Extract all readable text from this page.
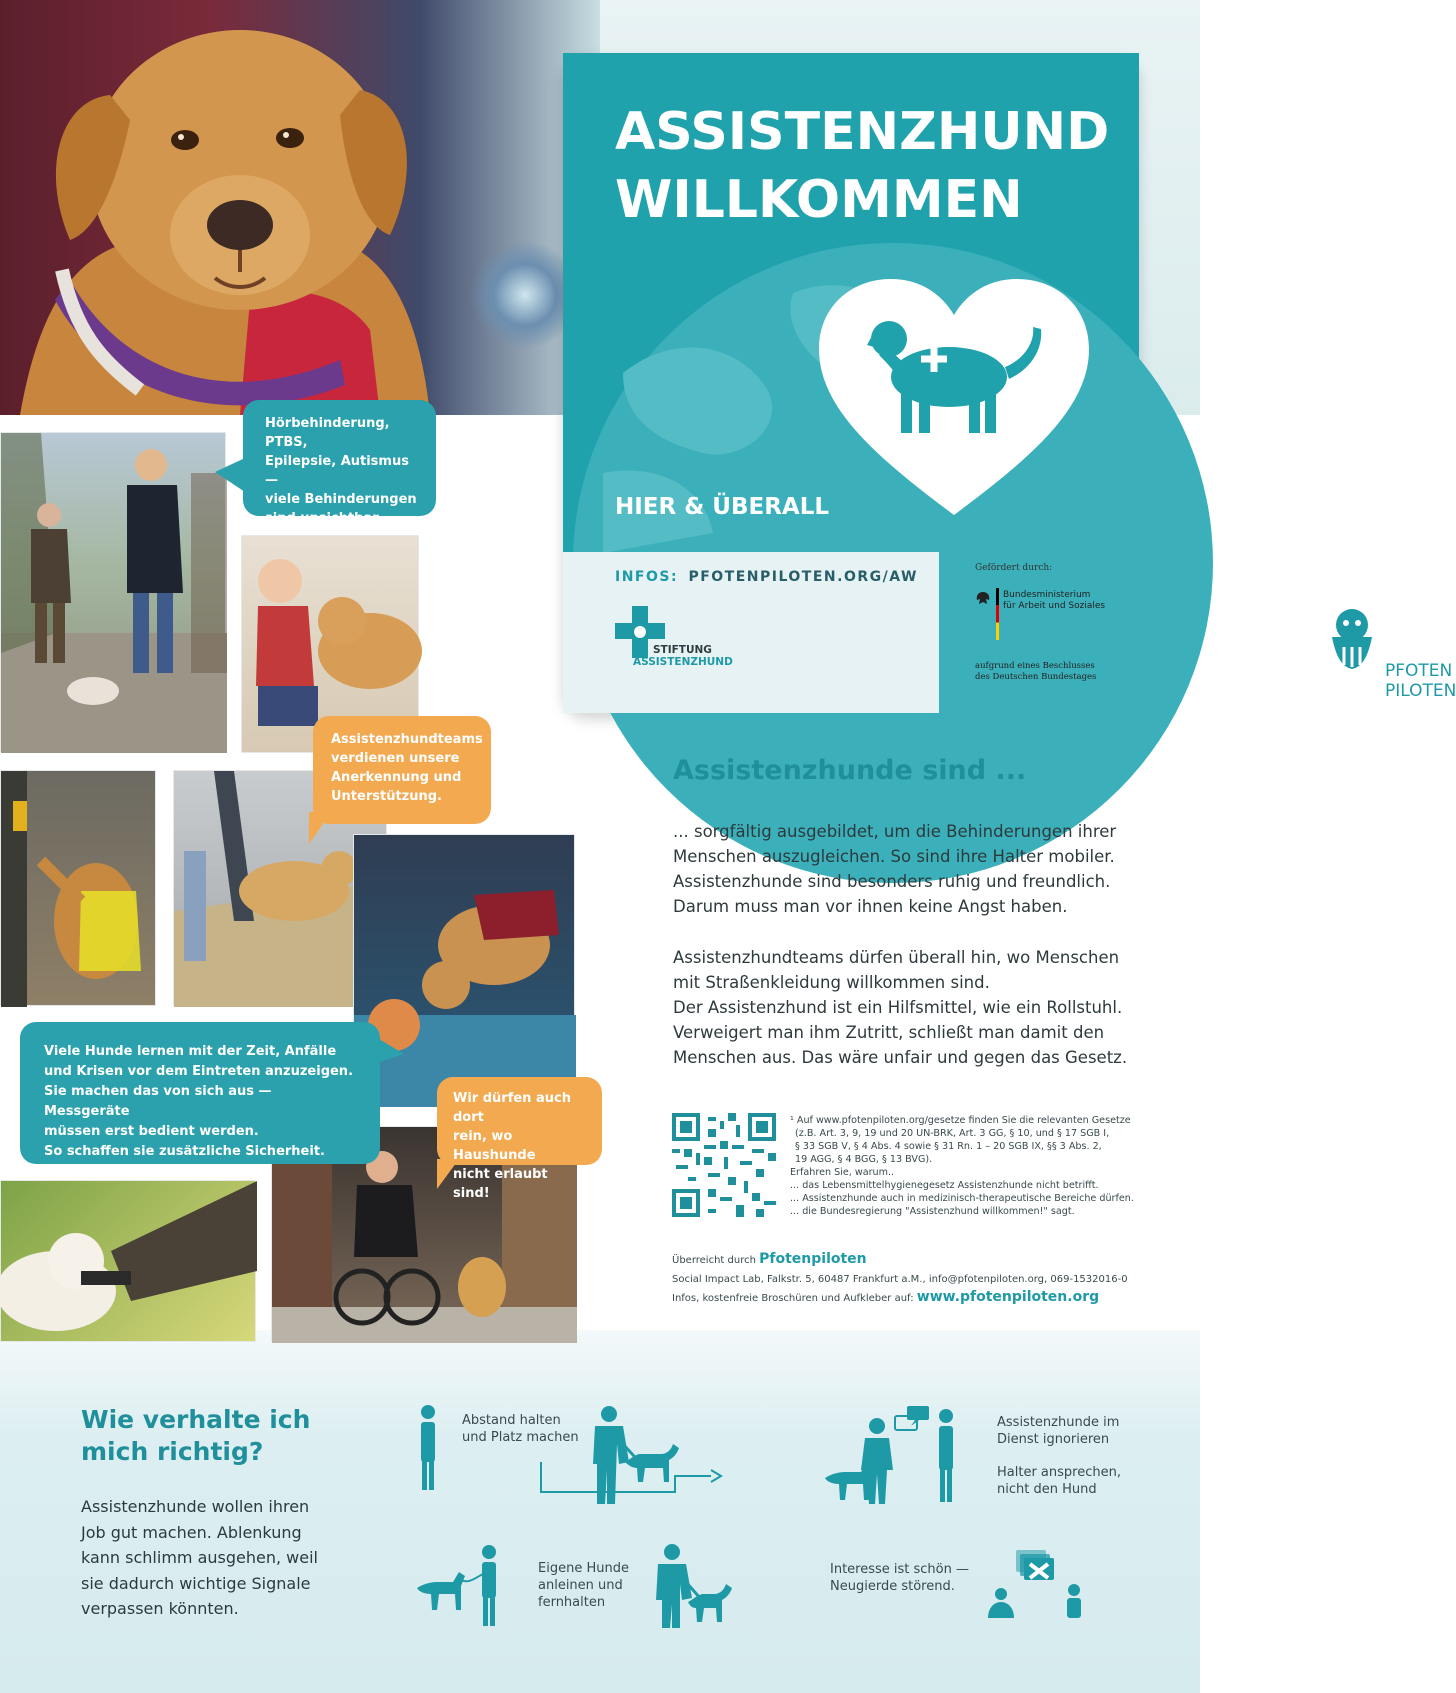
ASSISTENZHUND
WILLKOMMEN
HIER & ÜBERALL
INFOS: PFOTENPILOTEN.ORG/AW
STIFTUNG
ASSISTENZHUND	PFOTEN
PILOTEN
Gefördert durch:
Bundesministerium
für Arbeit und Soziales
aufgrund eines Beschlusses
des Deutschen Bundestages
Hörbehinderung, PTBS,
Epilepsie, Autismus —
viele Behinderungen
sind unsichtbar.
Assistenzhundteams
verdienen unsere
Anerkennung und
Unterstützung.
Viele Hunde lernen mit der Zeit, Anfälle
und Krisen vor dem Eintreten anzuzeigen.
Sie machen das von sich aus — Messgeräte
müssen erst bedient werden.
So schaffen sie zusätzliche Sicherheit.
Wir dürfen auch dort
rein, wo Haushunde
nicht erlaubt sind!
Assistenzhunde sind ...
... sorgfältig ausgebildet, um die Behinderungen ihrer
Menschen auszugleichen. So sind ihre Halter mobiler.
Assistenzhunde sind besonders ruhig und freundlich.
Darum muss man vor ihnen keine Angst haben.
Assistenzhundteams dürfen überall hin, wo Menschen
mit Straßenkleidung willkommen sind.
Der Assistenzhund ist ein Hilfsmittel, wie ein Rollstuhl.
Verweigert man ihm Zutritt, schließt man damit den
Menschen aus. Das wäre unfair und gegen das Gesetz.
¹ Auf www.pfotenpiloten.org/gesetze finden Sie die relevanten Gesetze
(z.B. Art. 3, 9, 19 und 20 UN-BRK, Art. 3 GG, § 10, und § 17 SGB I,
§ 33 SGB V, § 4 Abs. 4 sowie § 31 Rn. 1 – 20 SGB IX, §§ 3 Abs. 2,
19 AGG, § 4 BGG, § 13 BVG).
Erfahren Sie, warum..
... das Lebensmittelhygienegesetz Assistenzhunde nicht betrifft.
... Assistenzhunde auch in medizinisch-therapeutische Bereiche dürfen.
... die Bundesregierung "Assistenzhund willkommen!" sagt.
Überreicht durch Pfotenpiloten
Social Impact Lab, Falkstr. 5, 60487 Frankfurt a.M., info@pfotenpiloten.org, 069-1532016-0
Infos, kostenfreie Broschüren und Aufkleber auf: www.pfotenpiloten.org
Wie verhalte ich
mich richtig?
Assistenzhunde wollen ihren
Job gut machen. Ablenkung
kann schlimm ausgehen, weil
sie dadurch wichtige Signale
verpassen könnten.
Abstand halten
und Platz machen
Assistenzhunde im
Dienst ignorieren
Halter ansprechen,
nicht den Hund
Eigene Hunde
anleinen und
fernhalten
Interesse ist schön —
Neugierde störend.
